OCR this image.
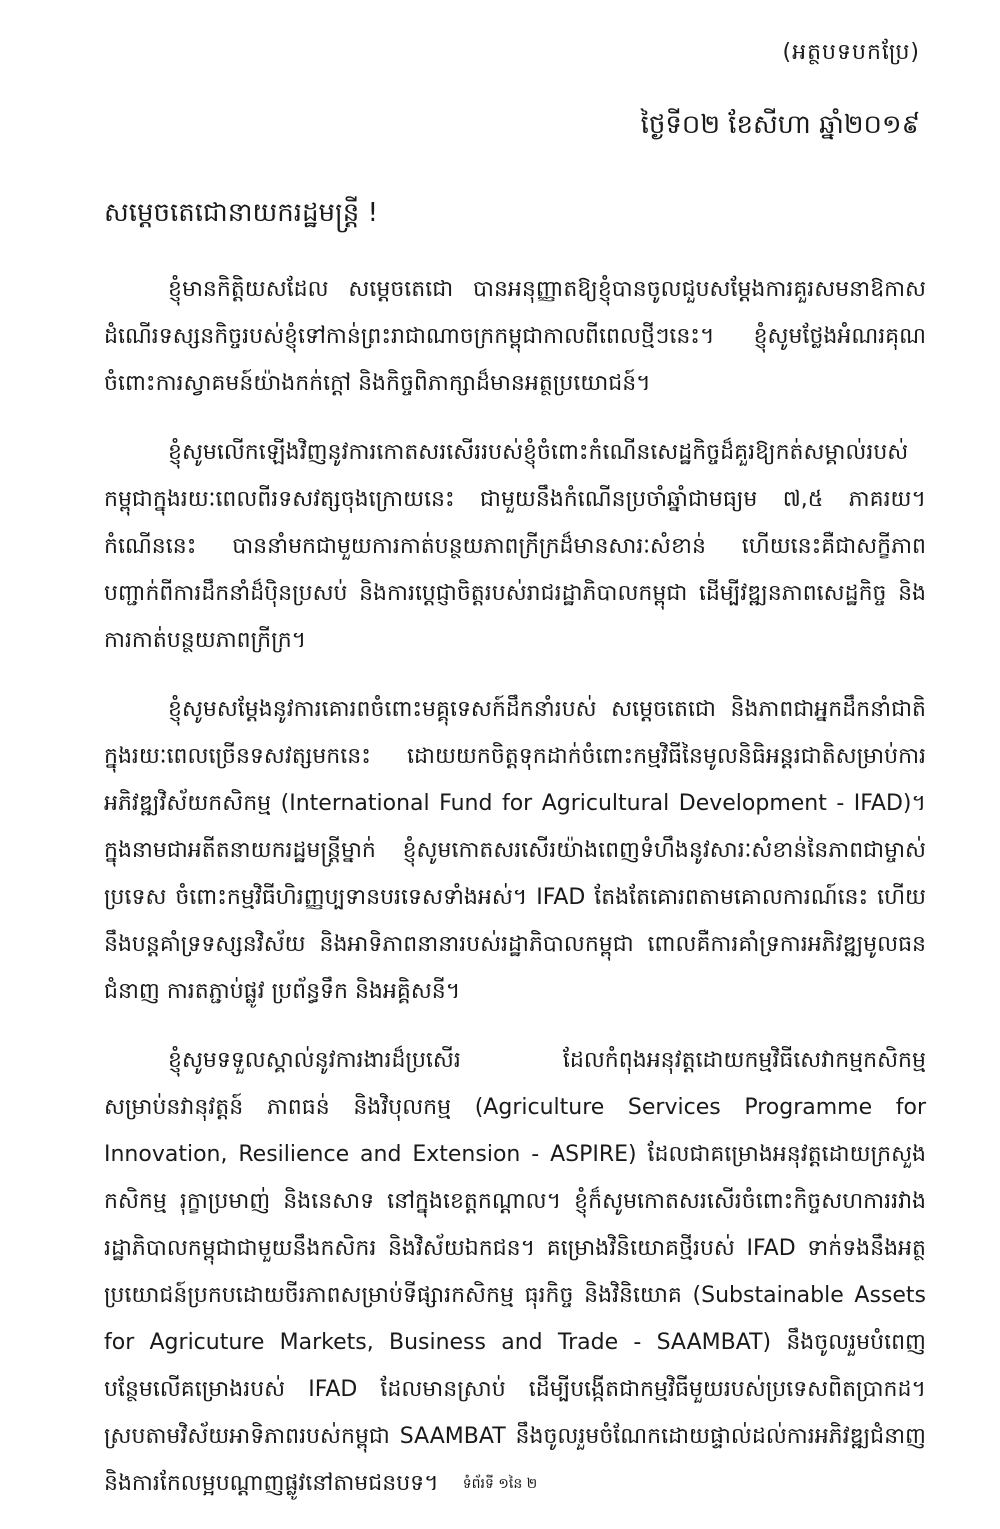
(អត្ថបទបកប្រែ)
ថ្ងៃទី០២ ខែសីហា ឆ្នាំ២០១៩
សម្តេចតេជោនាយករដ្ឋមន្ត្រី !

ខ្ញុំមានកិត្តិយសដែល សម្តេចតេជោ បានអនុញ្ញាតឱ្យខ្ញុំបានចូលជួបសម្តែងការគួរសមនាឱកាសដំណើរទស្សនកិច្ចរបស់ខ្ញុំទៅកាន់ព្រះរាជាណាចក្រកម្ពុជាកាលពីពេលថ្មីៗនេះ។ ខ្ញុំសូមថ្លែងអំណរគុណចំពោះការស្វាគមន៍យ៉ាងកក់ក្តៅ និងកិច្ចពិភាក្សាដ៏មានអត្ថប្រយោជន៍។

ខ្ញុំសូមលើកឡើងវិញនូវការកោតសរសើររបស់ខ្ញុំចំពោះកំណើនសេដ្ឋកិច្ចដ៏គួរឱ្យកត់សម្គាល់របស់កម្ពុជាក្នុងរយៈពេលពីរទសវត្សចុងក្រោយនេះ ជាមួយនឹងកំណើនប្រចាំឆ្នាំជាមធ្យម ៧,៥ ភាគរយ។ កំណើននេះ បាននាំមកជាមួយការកាត់បន្ថយភាពក្រីក្រដ៏មានសារៈសំខាន់ ហើយនេះគឺជាសក្ខីភាពបញ្ជាក់ពីការដឹកនាំដ៏ប៉ិនប្រសប់ និងការប្តេជ្ញាចិត្តរបស់រាជរដ្ឋាភិបាលកម្ពុជា ដើម្បីវឌ្ឍនភាពសេដ្ឋកិច្ច និងការកាត់បន្ថយភាពក្រីក្រ។

ខ្ញុំសូមសម្តែងនូវការគោរពចំពោះមគ្គុទេសក៍ដឹកនាំរបស់ សម្តេចតេជោ និងភាពជាអ្នកដឹកនាំជាតិក្នុងរយៈពេលច្រើនទសវត្សមកនេះ ដោយយកចិត្តទុកដាក់ចំពោះកម្មវិធីនៃមូលនិធិអន្តរជាតិសម្រាប់ការអភិវឌ្ឍវិស័យកសិកម្ម (International Fund for Agricultural Development - IFAD)។ ក្នុងនាមជាអតីតនាយករដ្ឋមន្ត្រីម្នាក់ ខ្ញុំសូមកោតសរសើរយ៉ាងពេញទំហឹងនូវសារៈសំខាន់នៃភាពជាម្ចាស់ប្រទេស ចំពោះកម្មវិធីហិរញ្ញប្បទានបរទេសទាំងអស់។ IFAD តែងតែគោរពតាមគោលការណ៍នេះ ហើយនឹងបន្តគាំទ្រទស្សនវិស័យ និងអាទិភាពនានារបស់រដ្ឋាភិបាលកម្ពុជា ពោលគឺការគាំទ្រការអភិវឌ្ឍមូលធនជំនាញ ការតភ្ជាប់ផ្លូវ ប្រព័ន្ធទឹក និងអគ្គិសនី។

ខ្ញុំសូមទទួលស្គាល់នូវការងារដ៏ប្រសើរ ដែលកំពុងអនុវត្តដោយកម្មវិធីសេវាកម្មកសិកម្មសម្រាប់នវានុវត្តន៍ ភាពធន់ និងវិបុលកម្ម (Agriculture Services Programme for Innovation, Resilience and Extension - ASPIRE) ដែលជាគម្រោងអនុវត្តដោយក្រសួងកសិកម្ម រុក្ខាប្រមាញ់ និងនេសាទ នៅក្នុងខេត្តកណ្តាល។ ខ្ញុំក៏សូមកោតសរសើរចំពោះកិច្ចសហការរវាងរដ្ឋាភិបាលកម្ពុជាជាមួយនឹងកសិករ និងវិស័យឯកជន។ គម្រោងវិនិយោគថ្មីរបស់ IFAD ទាក់ទងនឹងអត្ថប្រយោជន៍ប្រកបដោយចីរភាពសម្រាប់ទីផ្សារកសិកម្ម ធុរកិច្ច និងវិនិយោគ (Substainable Assets for Agricuture Markets, Business and Trade - SAAMBAT) នឹងចូលរួមបំពេញបន្ថែមលើគម្រោងរបស់ IFAD ដែលមានស្រាប់ ដើម្បីបង្កើតជាកម្មវិធីមួយរបស់ប្រទេសពិតប្រាកដ។ ស្របតាមវិស័យអាទិភាពរបស់កម្ពុជា SAAMBAT នឹងចូលរួមចំណែកដោយផ្ទាល់ដល់ការអភិវឌ្ឍជំនាញ និងការកែលម្អបណ្តាញផ្លូវនៅតាមជនបទ។	ទំព័រទី ១នៃ ២
